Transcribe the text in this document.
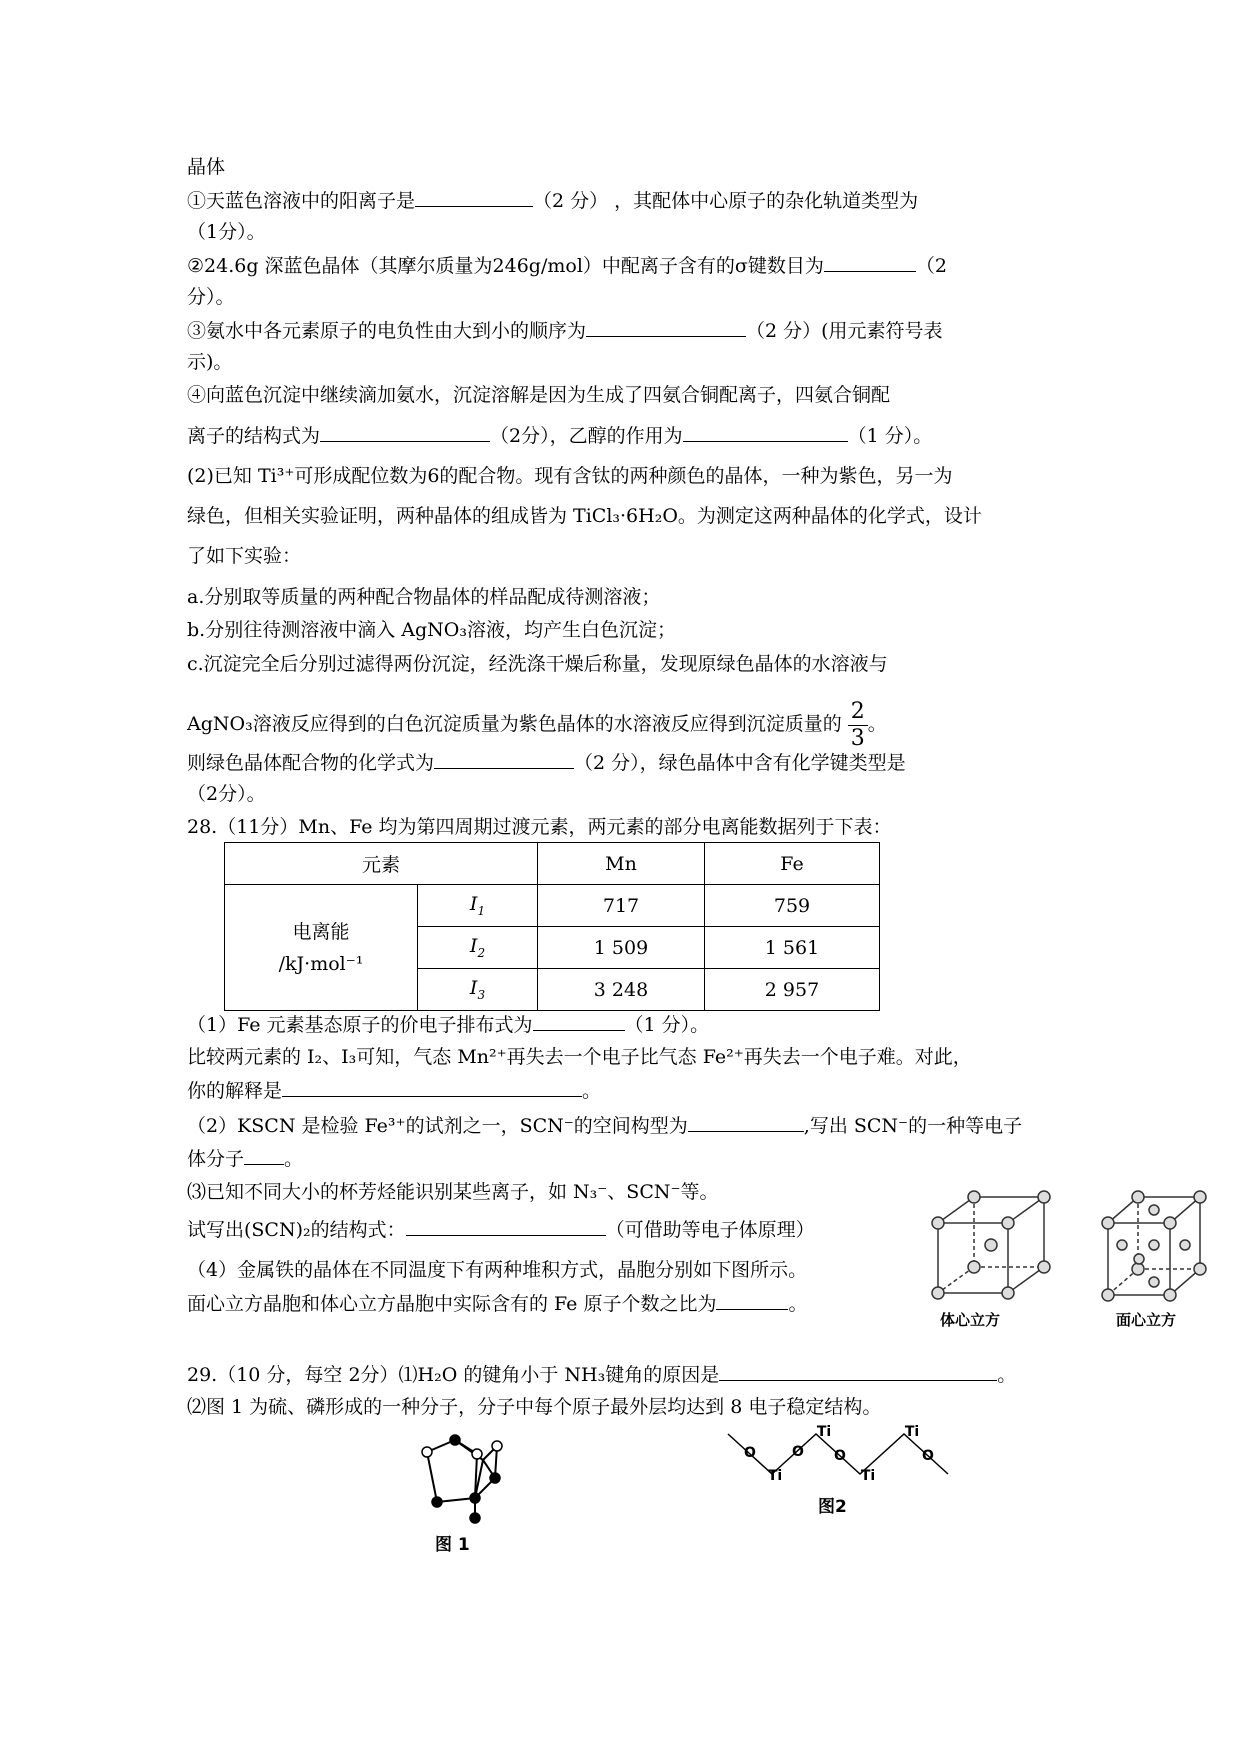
晶体
①天蓝色溶液中的阳离子是	（2 分） ，其配体中心原子的杂化轨道类型为
（1分）。
②24.6g 深蓝色晶体（其摩尔质量为246g/mol）中配离子含有的σ键数目为	（2
分）。
③氨水中各元素原子的电负性由大到小的顺序为	（2 分）(用元素符号表
示)。
④向蓝色沉淀中继续滴加氨水，沉淀溶解是因为生成了四氨合铜配离子，四氨合铜配
离子的结构式为	（2分），乙醇的作用为	（1 分）。
(2)已知 Ti³⁺可形成配位数为6的配合物。现有含钛的两种颜色的晶体，一种为紫色，另一为
绿色，但相关实验证明，两种晶体的组成皆为 TiCl₃·6H₂O。为测定这两种晶体的化学式，设计
了如下实验：
a.分别取等质量的两种配合物晶体的样品配成待测溶液；
b.分别往待测溶液中滴入 AgNO₃溶液，均产生白色沉淀；
c.沉淀完全后分别过滤得两份沉淀，经洗涤干燥后称量，发现原绿色晶体的水溶液与
AgNO₃溶液反应得到的白色沉淀质量为紫色晶体的水溶液反应得到沉淀质量的 $\frac{2}{3}$ 。
则绿色晶体配合物的化学式为	（2 分），绿色晶体中含有化学键类型是
（2分）。
28.（11分）Mn、Fe 均为第四周期过渡元素，两元素的部分电离能数据列于下表：
元素		Mn	Fe
电离能
/kJ·mol⁻¹	$I_1$	717	759
	$I_2$	1 509	1 561
	$I_3$	3 248	2 957
（1）Fe 元素基态原子的价电子排布式为	（1 分）。
比较两元素的 I₂、I₃可知，气态 Mn²⁺再失去一个电子比气态 Fe²⁺再失去一个电子难。对此，
你的解释是	。
（2）KSCN 是检验 Fe³⁺的试剂之一，SCN⁻的空间构型为	,写出 SCN⁻的一种等电子
体分子 。
⑶已知不同大小的杯芳烃能识别某些离子，如 N₃⁻、SCN⁻等。
试写出(SCN)₂的结构式：	（可借助等电子体原理）
（4）金属铁的晶体在不同温度下有两种堆积方式，晶胞分别如下图所示。
面心立方晶胞和体心立方晶胞中实际含有的 Fe 原子个数之比为	。
体心立方	面心立方
29.（10 分，每空 2分）⑴H₂O 的键角小于 NH₃键角的原因是	。
⑵图 1 为硫、磷形成的一种分子，分子中每个原子最外层均达到 8 电子稳定结构。
图 1
O
Ti
O
Ti
O
Ti
Ti
O
图2
